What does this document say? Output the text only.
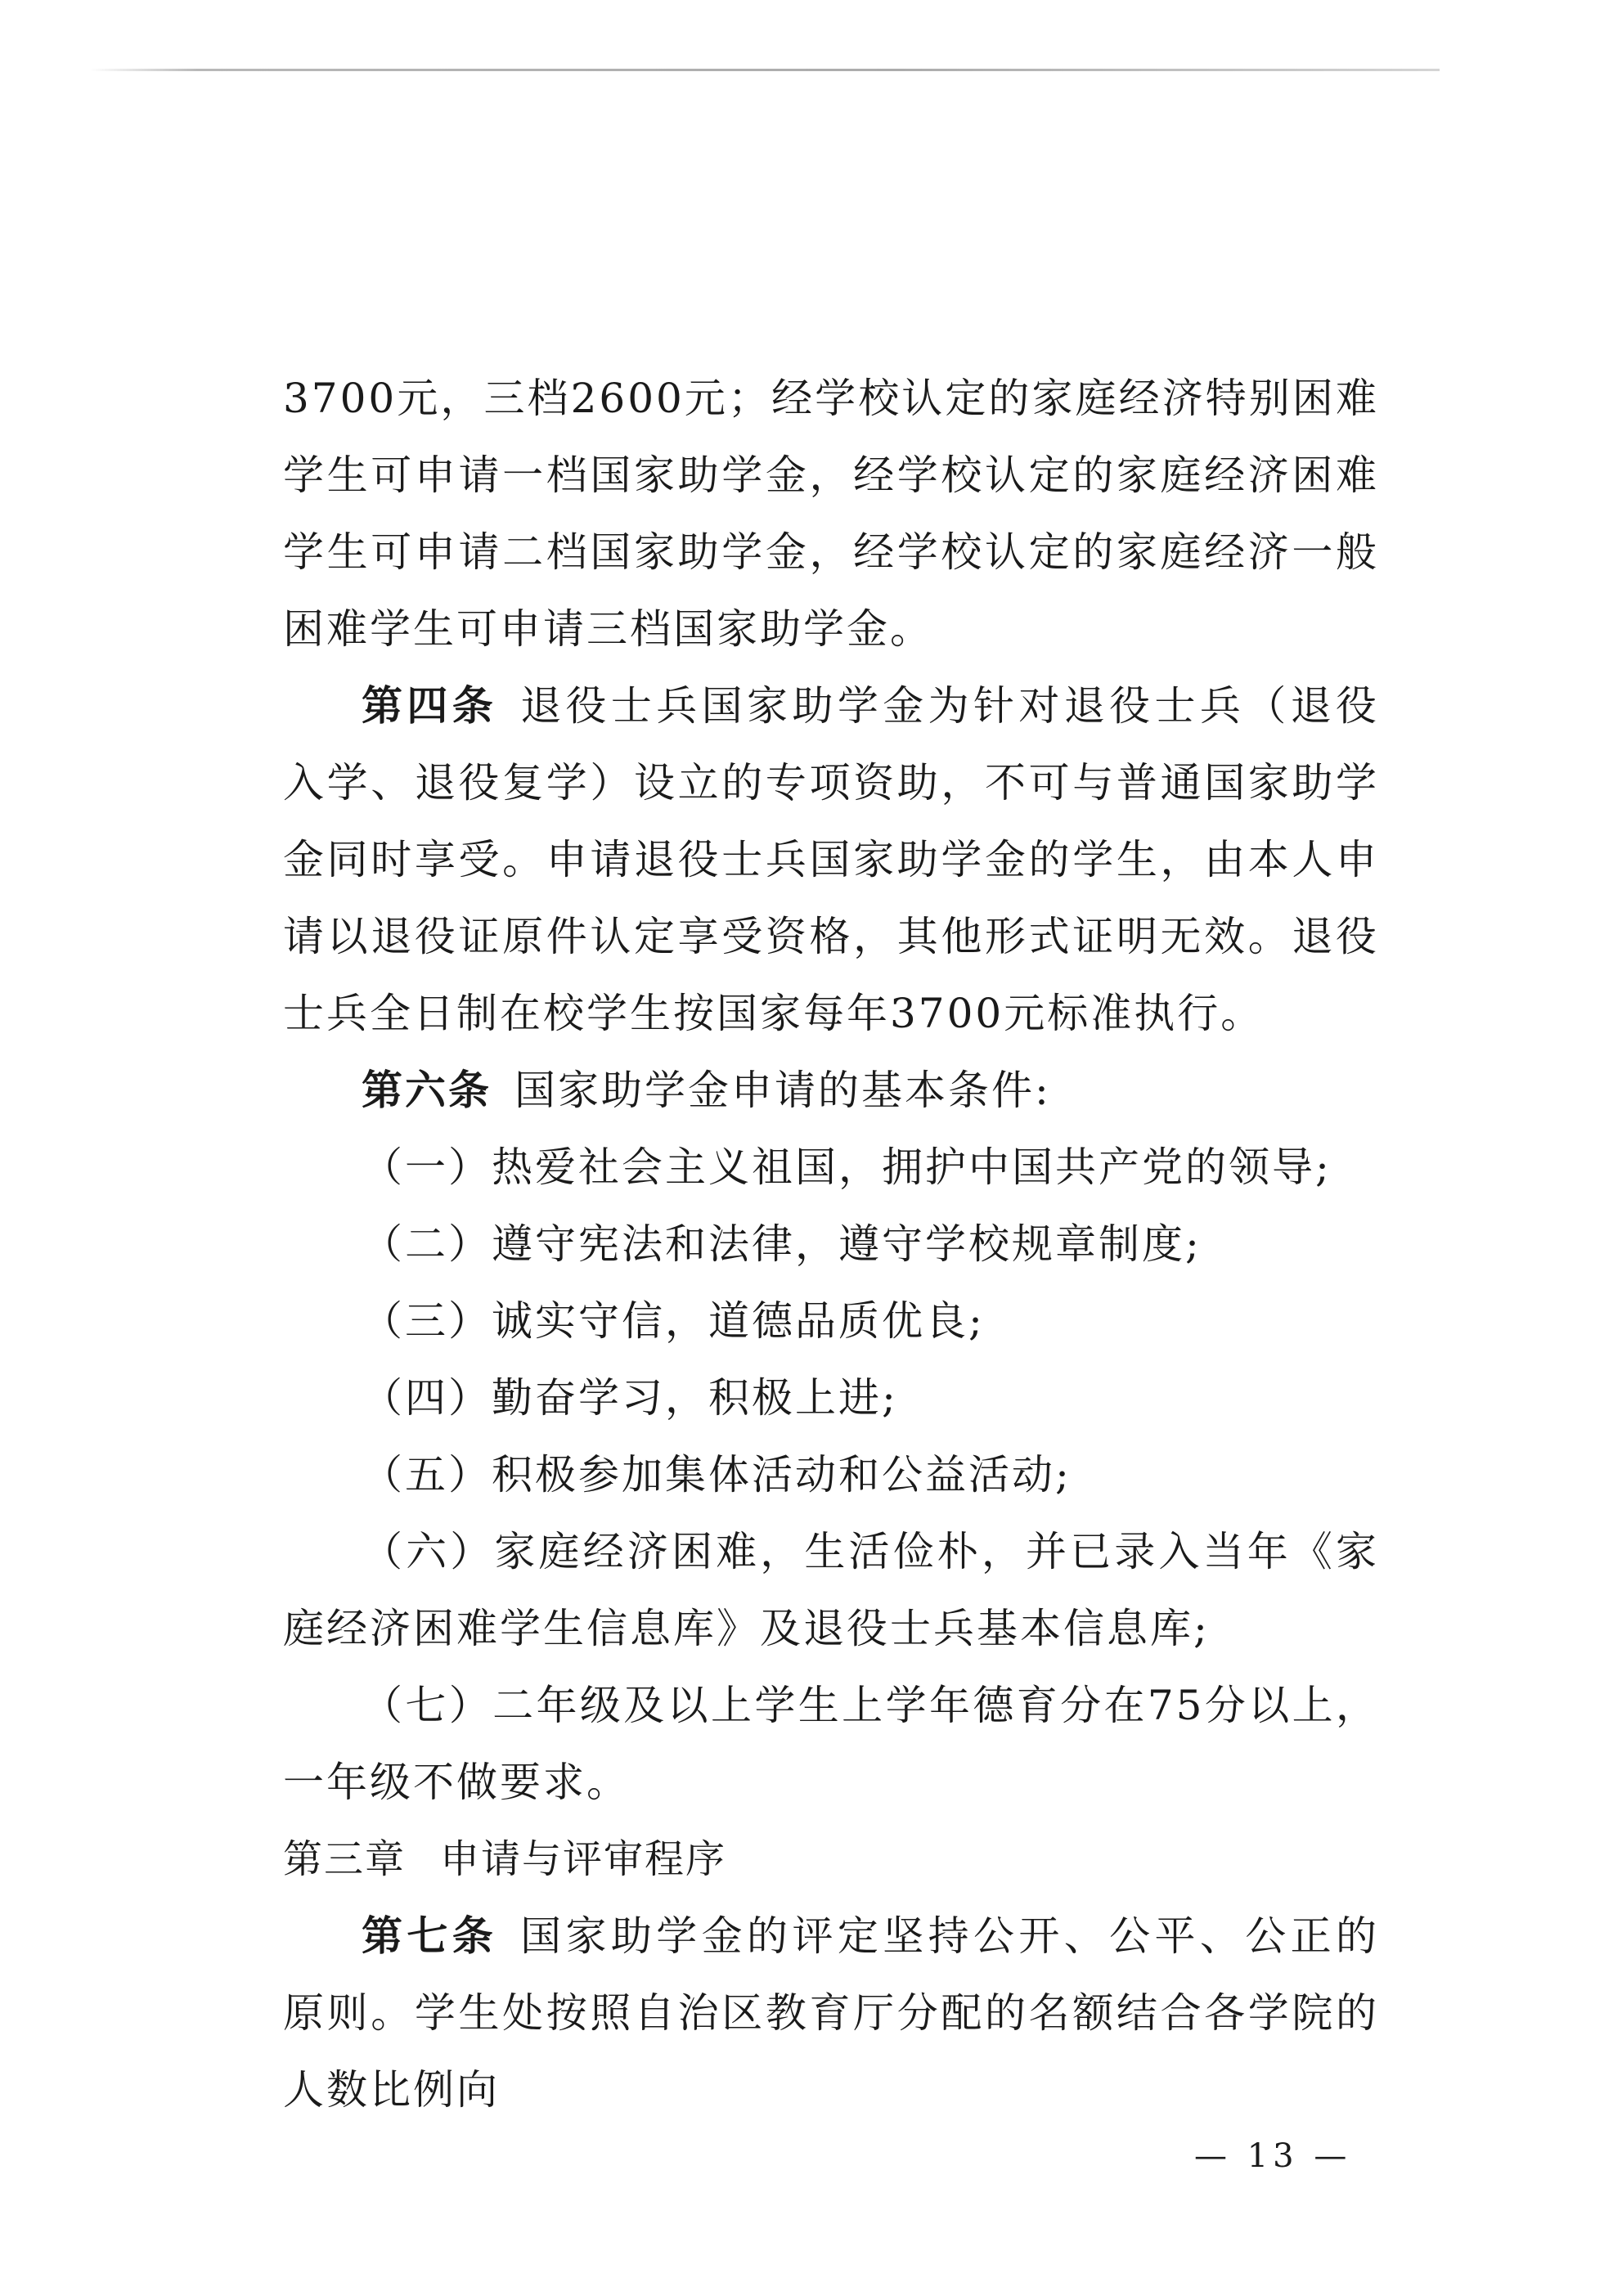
3700元，三档2600元；经学校认定的家庭经济特别困难学生可申请一档国家助学金，经学校认定的家庭经济困难学生可申请二档国家助学金，经学校认定的家庭经济一般困难学生可申请三档国家助学金。

第四条 退役士兵国家助学金为针对退役士兵（退役入学、退役复学）设立的专项资助，不可与普通国家助学金同时享受。申请退役士兵国家助学金的学生，由本人申请以退役证原件认定享受资格，其他形式证明无效。退役士兵全日制在校学生按国家每年3700元标准执行。

第六条 国家助学金申请的基本条件:

（一）热爱社会主义祖国，拥护中国共产党的领导;

（二）遵守宪法和法律，遵守学校规章制度;

（三）诚实守信，道德品质优良;

（四）勤奋学习，积极上进;

（五）积极参加集体活动和公益活动;

（六）家庭经济困难，生活俭朴，并已录入当年《家庭经济困难学生信息库》及退役士兵基本信息库;

（七）二年级及以上学生上学年德育分在75分以上，一年级不做要求。

第三章 申请与评审程序

第七条 国家助学金的评定坚持公开、公平、公正的原则。学生处按照自治区教育厅分配的名额结合各学院的人数比例向

— 13 —
